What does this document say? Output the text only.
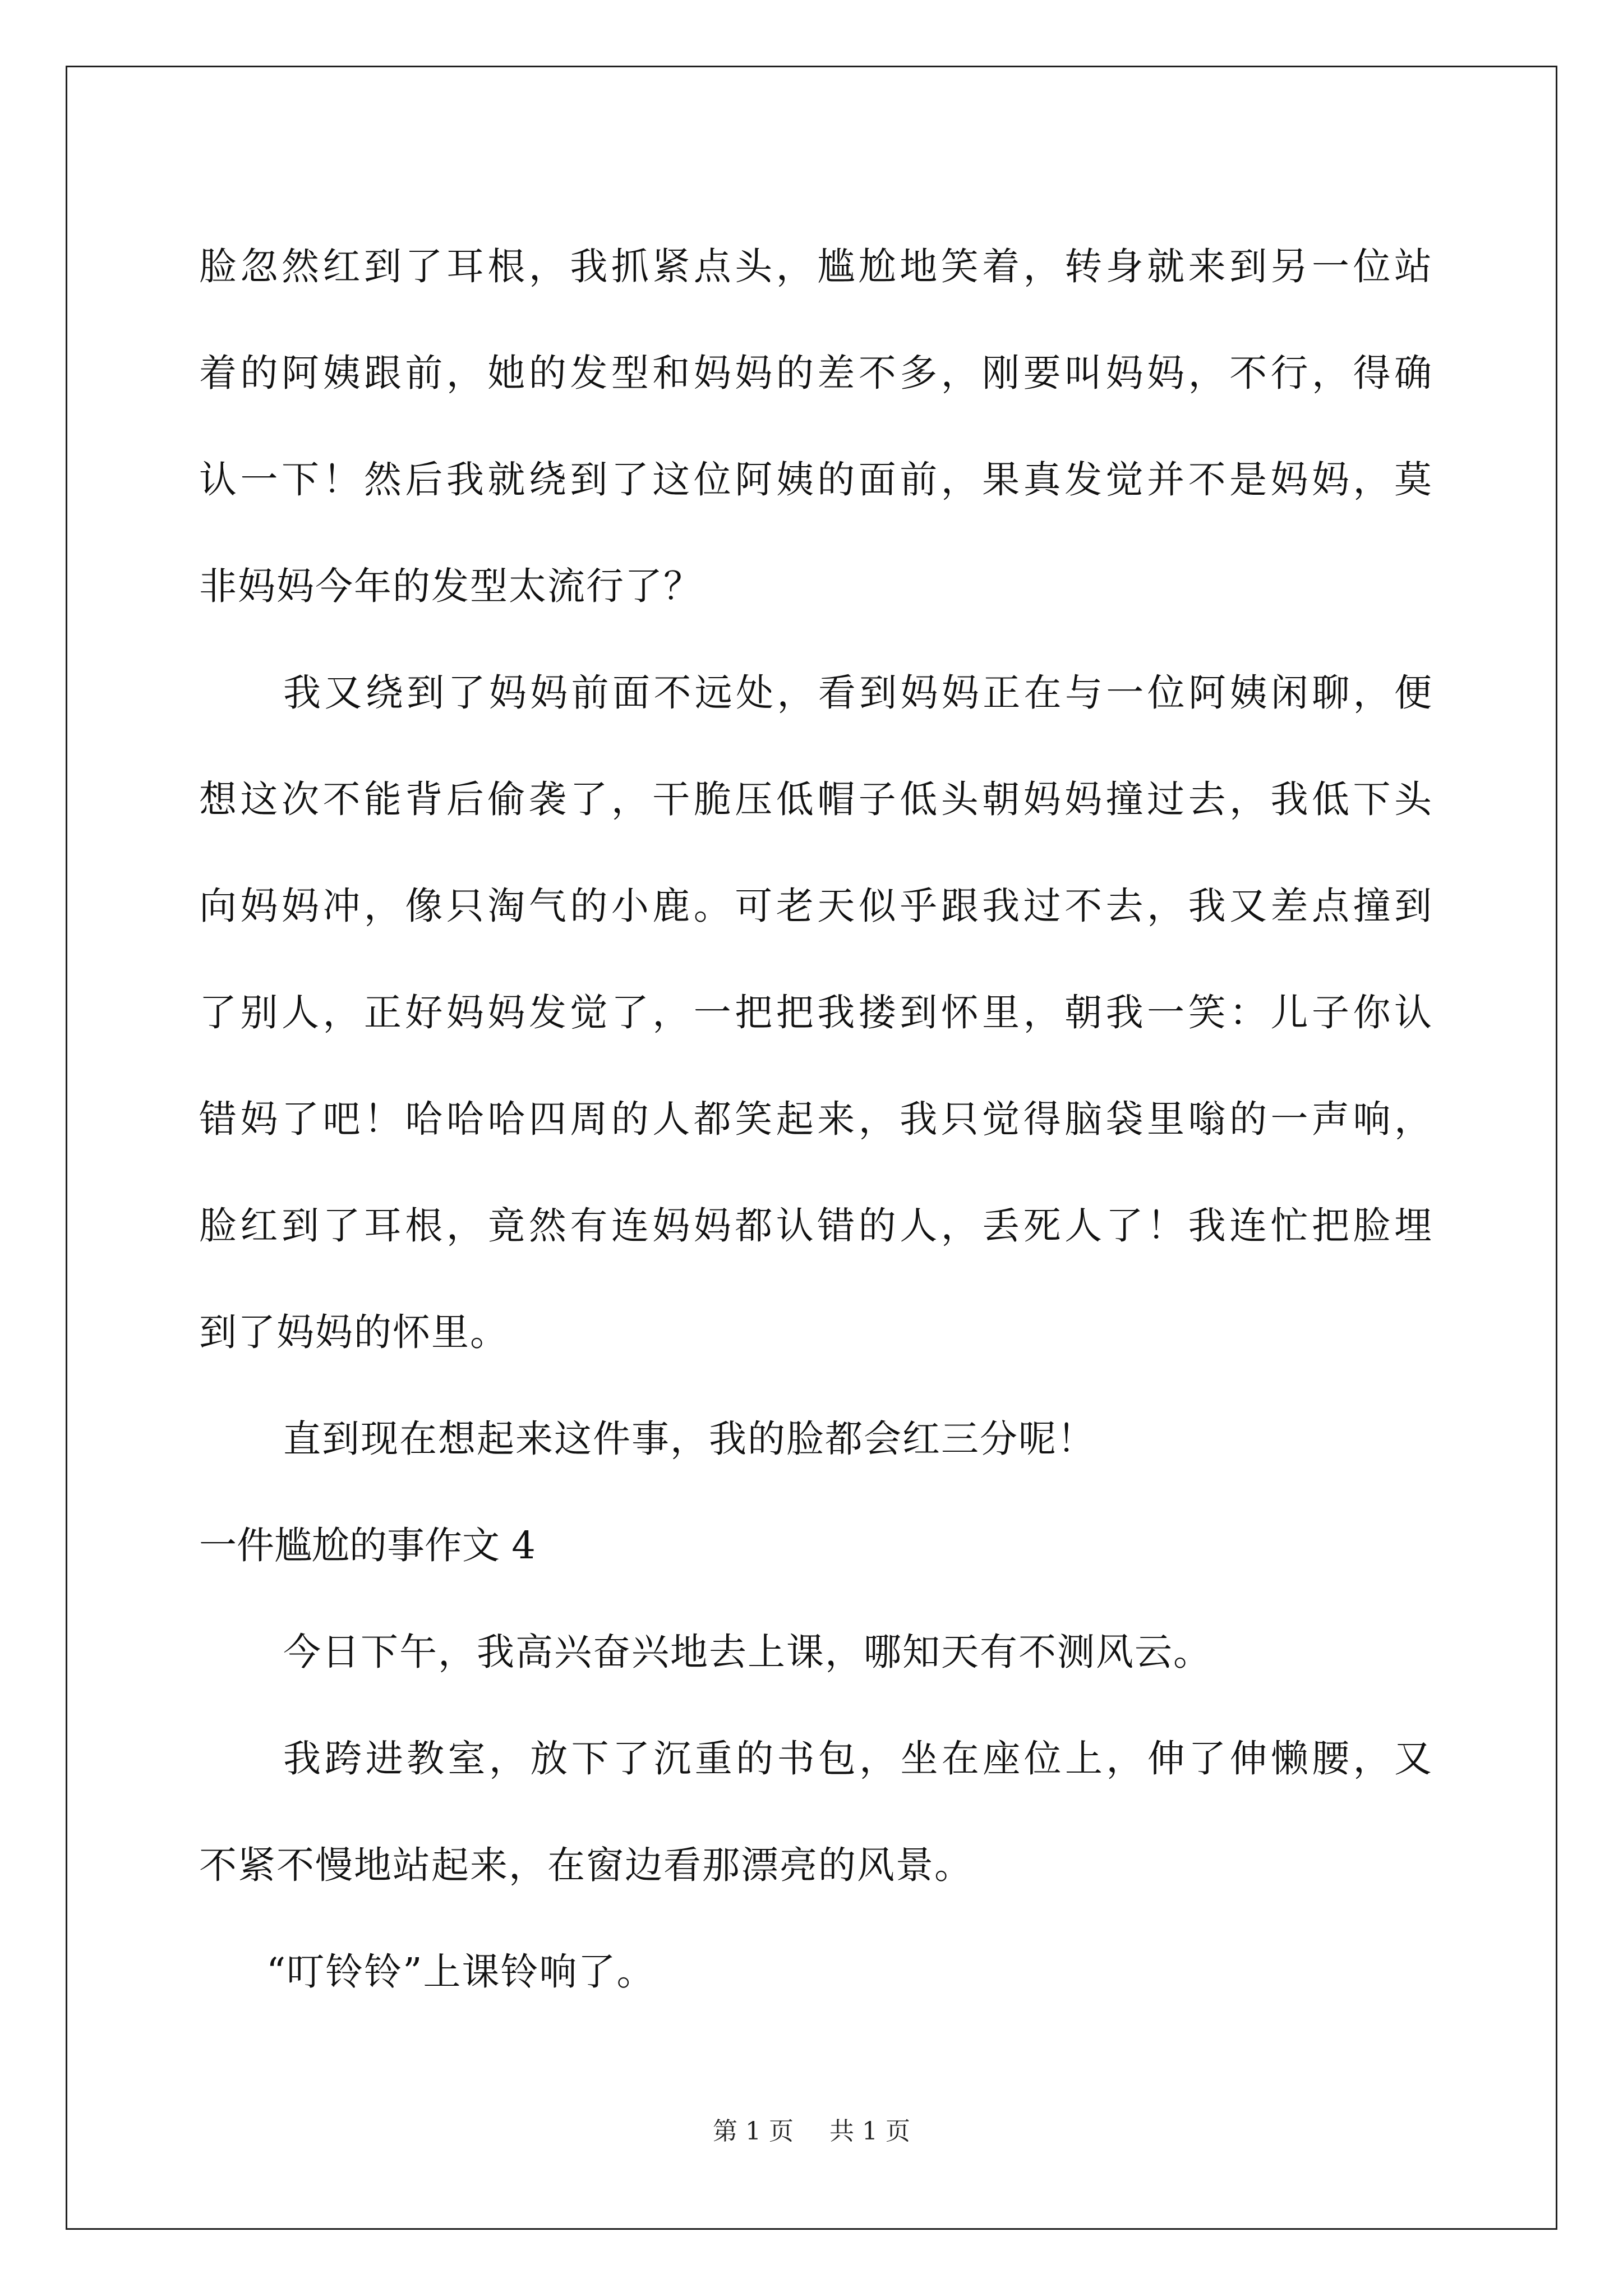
脸忽然红到了耳根，我抓紧点头，尴尬地笑着，转身就来到另一位站
着的阿姨跟前，她的发型和妈妈的差不多，刚要叫妈妈，不行，得确
认一下！然后我就绕到了这位阿姨的面前，果真发觉并不是妈妈，莫
非妈妈今年的发型太流行了？
我又绕到了妈妈前面不远处，看到妈妈正在与一位阿姨闲聊，便
想这次不能背后偷袭了，干脆压低帽子低头朝妈妈撞过去，我低下头
向妈妈冲，像只淘气的小鹿。可老天似乎跟我过不去，我又差点撞到
了别人，正好妈妈发觉了，一把把我搂到怀里，朝我一笑：儿子你认
错妈了吧！哈哈哈四周的人都笑起来，我只觉得脑袋里嗡的一声响，
脸红到了耳根，竟然有连妈妈都认错的人，丢死人了！我连忙把脸埋
到了妈妈的怀里。
直到现在想起来这件事，我的脸都会红三分呢！
一件尴尬的事作文 4
今日下午，我高兴奋兴地去上课，哪知天有不测风云。
我跨进教室，放下了沉重的书包，坐在座位上，伸了伸懒腰，又
不紧不慢地站起来，在窗边看那漂亮的风景。
“叮铃铃”上课铃响了。
第 1 页 共 1 页
